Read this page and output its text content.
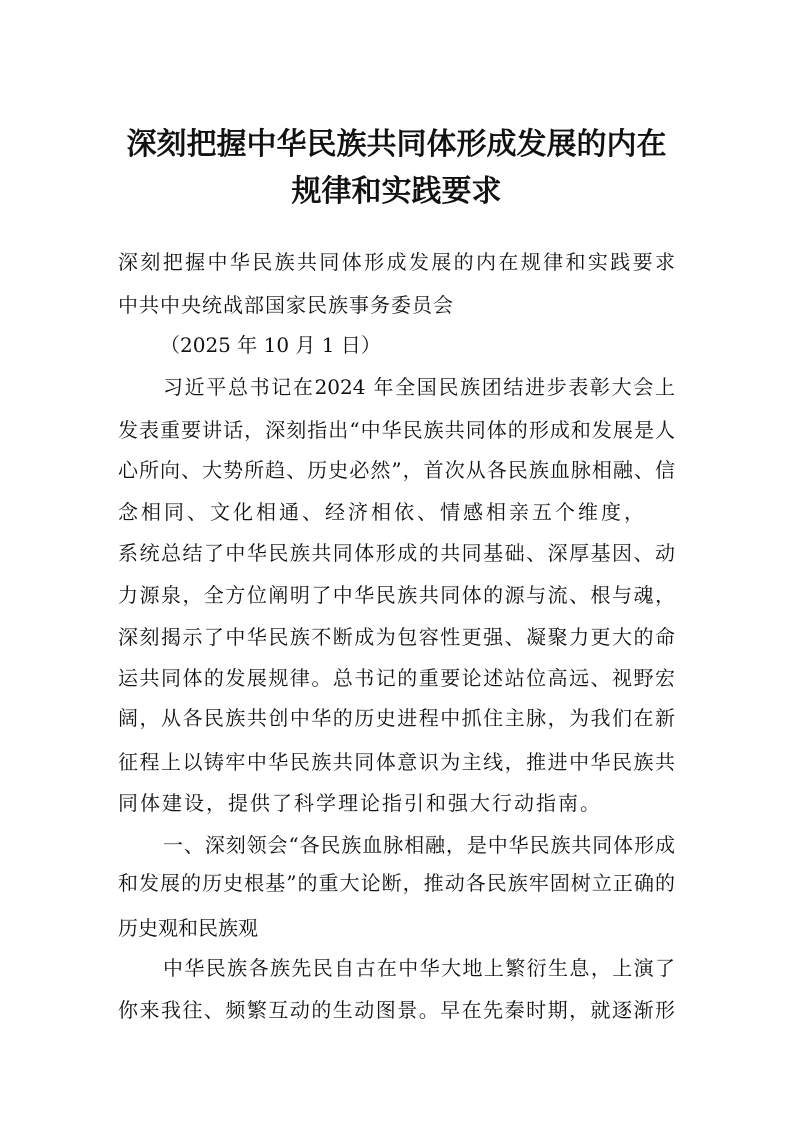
深刻把握中华民族共同体形成发展的内在
规律和实践要求
深刻把握中华民族共同体形成发展的内在规律和实践要求
中共中央统战部国家民族事务委员会
（2025 年 10 月 1 日）
习近平总书记在2024 年全国民族团结进步表彰大会上
发表重要讲话，深刻指出“中华民族共同体的形成和发展是人
心所向、大势所趋、历史必然”，首次从各民族血脉相融、信
念相同、文化相通、经济相依、情感相亲五个维度，
系统总结了中华民族共同体形成的共同基础、深厚基因、动
力源泉，全方位阐明了中华民族共同体的源与流、根与魂，
深刻揭示了中华民族不断成为包容性更强、凝聚力更大的命
运共同体的发展规律。总书记的重要论述站位高远、视野宏
阔，从各民族共创中华的历史进程中抓住主脉，为我们在新
征程上以铸牢中华民族共同体意识为主线，推进中华民族共
同体建设，提供了科学理论指引和强大行动指南。
一、深刻领会“各民族血脉相融，是中华民族共同体形成
和发展的历史根基”的重大论断，推动各民族牢固树立正确的
历史观和民族观
中华民族各族先民自古在中华大地上繁衍生息，上演了
你来我往、频繁互动的生动图景。早在先秦时期，就逐渐形
